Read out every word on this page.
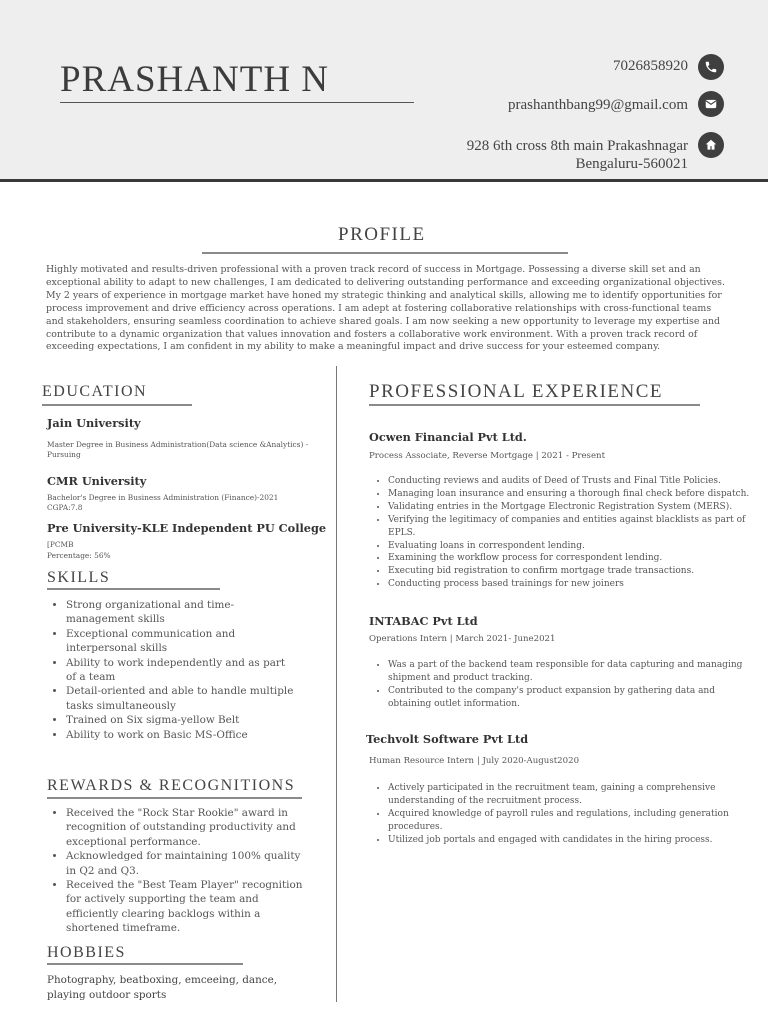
PRASHANTH N	7026858920
prashanthbang99@gmail.com
928 6th cross 8th main Prakashnagar
Bengaluru-560021
PROFILE
Highly motivated and results-driven professional with a proven track record of success in Mortgage. Possessing a diverse skill set and an exceptional ability to adapt to new challenges, I am dedicated to delivering outstanding performance and exceeding organizational objectives. My 2 years of experience in mortgage market have honed my strategic thinking and analytical skills, allowing me to identify opportunities for process improvement and drive efficiency across operations. I am adept at fostering collaborative relationships with cross-functional teams and stakeholders, ensuring seamless coordination to achieve shared goals. I am now seeking a new opportunity to leverage my expertise and contribute to a dynamic organization that values innovation and fosters a collaborative work environment. With a proven track record of exceeding expectations, I am confident in my ability to make a meaningful impact and drive success for your esteemed company.
EDUCATION
Jain University
Master Degree in Business Administration(Data science &Analytics) -
Pursuing
CMR University
Bachelor's Degree in Business Administration (Finance)-2021
CGPA:7.8
Pre University-KLE Independent PU College
[PCMB
Percentage: 56%
SKILLS
• Strong organizational and time-management skills
• Exceptional communication and interpersonal skills
• Ability to work independently and as part of a team
• Detail-oriented and able to handle multiple tasks simultaneously
• Trained on Six sigma-yellow Belt
• Ability to work on Basic MS-Office
REWARDS & RECOGNITIONS
• Received the "Rock Star Rookie" award in recognition of outstanding productivity and exceptional performance.
• Acknowledged for maintaining 100% quality in Q2 and Q3.
• Received the "Best Team Player" recognition for actively supporting the team and efficiently clearing backlogs within a shortened timeframe.
HOBBIES
Photography, beatboxing, emceeing, dance, playing outdoor sports
PROFESSIONAL EXPERIENCE
Ocwen Financial Pvt Ltd.
Process Associate, Reverse Mortgage | 2021 - Present
• Conducting reviews and audits of Deed of Trusts and Final Title Policies.
• Managing loan insurance and ensuring a thorough final check before dispatch.
• Validating entries in the Mortgage Electronic Registration System (MERS).
• Verifying the legitimacy of companies and entities against blacklists as part of EPLS.
• Evaluating loans in correspondent lending.
• Examining the workflow process for correspondent lending.
• Executing bid registration to confirm mortgage trade transactions.
• Conducting process based trainings for new joiners
INTABAC Pvt Ltd
Operations Intern | March 2021- June2021
• Was a part of the backend team responsible for data capturing and managing shipment and product tracking.
• Contributed to the company's product expansion by gathering data and obtaining outlet information.
Techvolt Software Pvt Ltd
Human Resource Intern | July 2020-August2020
• Actively participated in the recruitment team, gaining a comprehensive understanding of the recruitment process.
• Acquired knowledge of payroll rules and regulations, including generation procedures.
• Utilized job portals and engaged with candidates in the hiring process.
